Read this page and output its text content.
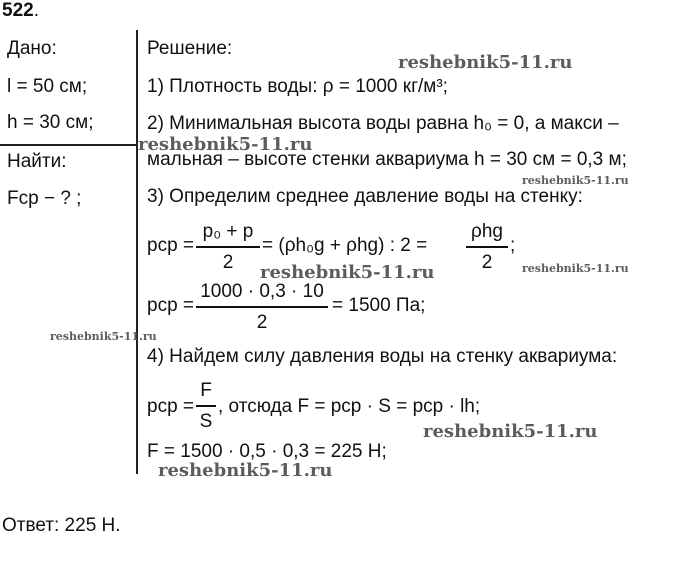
522.
Дано:
l = 50 см;
h = 30 см;
Найти:
Fср − ? ;
Решение:
1) Плотность воды: ρ = 1000 кг/м³;
2) Минимальная высота воды равна h₀ = 0, а макси –
мальная – высоте стенки аквариума h = 30 см = 0,3 м;
3) Определим среднее давление воды на стенку:
pср =
p₀ + p
2
= (ρh₀g + ρhg) : 2 =
ρhg
2
;
pср =
1000 · 0,3 · 10
2
= 1500 Па;
4) Найдем силу давления воды на стенку аквариума:
pср =
F
S
, отсюда F = pср · S = pср · lh;
F = 1500 · 0,5 · 0,3 = 225 Н;
Ответ: 225 Н.
reshebnik5-11.ru
reshebnik5-11.ru
reshebnik5-11.ru
reshebnik5-11.ru	reshebnik5-11.ru
reshebnik5-11.ru
reshebnik5-11.ru
reshebnik5-11.ru
